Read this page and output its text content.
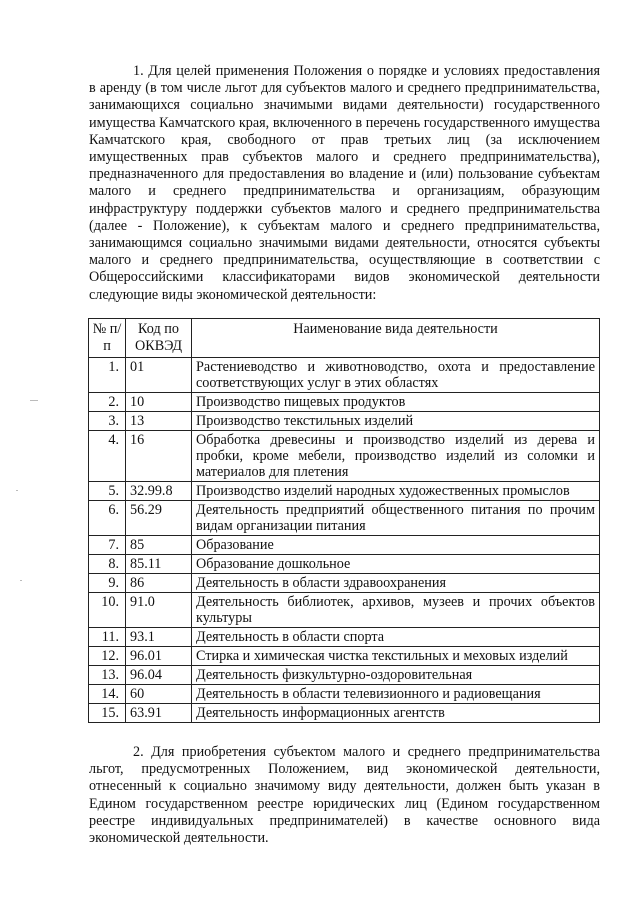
1. Для целей применения Положения о порядке и условиях предоставления в аренду (в том числе льгот для субъектов малого и среднего предпринимательства, занимающихся социально значимыми видами деятельности) государственного имущества Камчатского края, включенного в перечень государственного имущества Камчатского края, свободного от прав третьих лиц (за исключением имущественных прав субъектов малого и среднего предпринимательства), предназначенного для предоставления во владение и (или) пользование субъектам малого и среднего предпринимательства и организациям, образующим инфраструктуру поддержки субъектов малого и среднего предпринимательства (далее - Положение), к субъектам малого и среднего предпринимательства, занимающимся социально значимыми видами деятельности, относятся субъекты малого и среднего предпринимательства, осуществляющие в соответствии с Общероссийскими классификаторами видов экономической деятельности следующие виды экономической деятельности:

№ п/п	Код по ОКВЭД	Наименование вида деятельности
1.	01	Растениеводство и животноводство, охота и предоставление соответствующих услуг в этих областях
2.	10	Производство пищевых продуктов
3.	13	Производство текстильных изделий
4.	16	Обработка древесины и производство изделий из дерева и пробки, кроме мебели, производство изделий из соломки и материалов для плетения
5.	32.99.8	Производство изделий народных художественных промыслов
6.	56.29	Деятельность предприятий общественного питания по прочим видам организации питания
7.	85	Образование
8.	85.11	Образование дошкольное
9.	86	Деятельность в области здравоохранения
10.	91.0	Деятельность библиотек, архивов, музеев и прочих объектов культуры
11.	93.1	Деятельность в области спорта
12.	96.01	Стирка и химическая чистка текстильных и меховых изделий
13.	96.04	Деятельность физкультурно-оздоровительная
14.	60	Деятельность в области телевизионного и радиовещания
15.	63.91	Деятельность информационных агентств

2. Для приобретения субъектом малого и среднего предпринимательства льгот, предусмотренных Положением, вид экономической деятельности, отнесенный к социально значимому виду деятельности, должен быть указан в Едином государственном реестре юридических лиц (Едином государственном реестре индивидуальных предпринимателей) в качестве основного вида экономической деятельности.
